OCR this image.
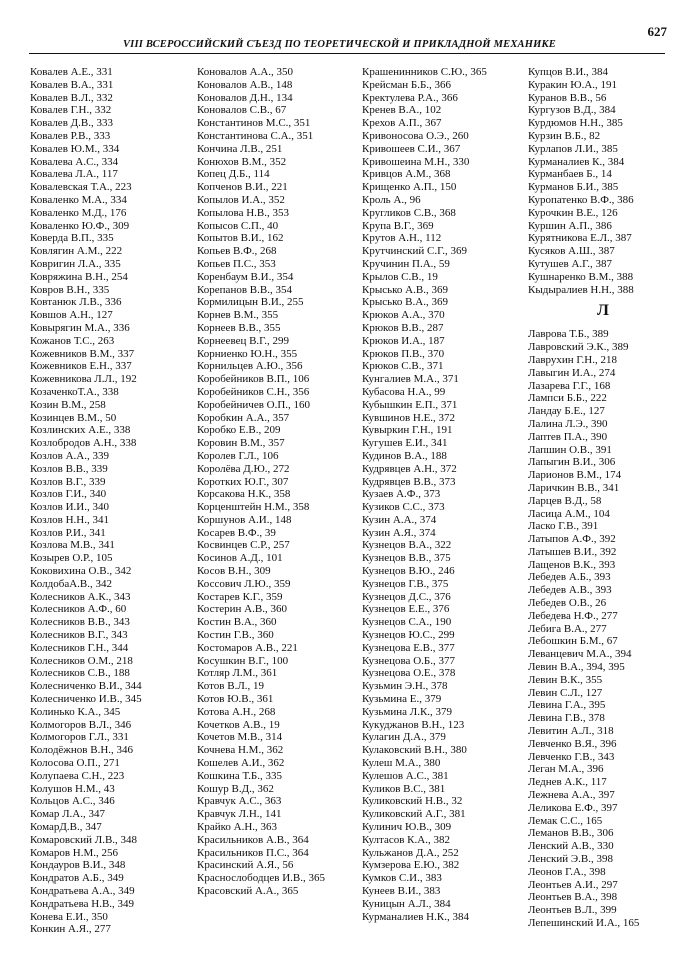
627
VIII ВСЕРОССИЙСКИЙ СЪЕЗД ПО ТЕОРЕТИЧЕСКОЙ И ПРИКЛАДНОЙ МЕХАНИКЕ
Ковалев А.Е., 331
Ковалев В.А., 331
Ковалев В.Л., 332
Ковалев Г.Н., 332
Ковалев Д.В., 333
Ковалев Р.В., 333
Ковалев Ю.М., 334
Ковалева А.С., 334
Ковалева Л.А., 117
Ковалевская Т.А., 223
Коваленко М.А., 334
Коваленко М.Д., 176
Коваленко Ю.Ф., 309
Коверда В.П., 335
Ковлягин А.М., 222
Ковригин Л.А., 335
Ковряжина В.Н., 254
Ковров В.Н., 335
Ковтанюк Л.В., 336
Ковшов А.Н., 127
Ковырягин М.А., 336
Кожанов Т.С., 263
Кожевников В.М., 337
Кожевников Е.Н., 337
Кожевникова Л.Л., 192
КозаченкоТ.А., 338
Козин В.М., 258
Козинцев В.М., 50
Козлинских А.Е., 338
Козлобродов А.Н., 338
Козлов А.А., 339
Козлов В.В., 339
Козлов В.Г., 339
Козлов Г.И., 340
Козлов И.И., 340
Козлов Н.Н., 341
Козлов Р.И., 341
Козлова М.В., 341
Козырев О.Р., 105
Коковихина О.В., 342
КолдобаА.В., 342
Колесников А.К., 343
Колесников А.Ф., 60
Колесников В.В., 343
Колесников В.Г., 343
Колесников Г.Н., 344
Колесников О.М., 218
Колесников С.В., 188
Колесниченко В.И., 344
Колесниченко И.В., 345
Колинько К.А., 345
Колмогоров В.Л., 346
Колмогоров Г.Л., 331
Колодёжнов В.Н., 346
Колосова О.П., 271
Колупаева С.Н., 223
Колушов Н.М., 43
Кольцов А.С., 346
Комар Л.А., 347
КомарД.В., 347
Комаровский Л.В., 348
Комаров Н.М., 256
Кондауров В.И., 348
Кондратов А.Б., 349
Кондратьева А.А., 349
Кондратьева Н.В., 349
Конева Е.И., 350
Конкин А.Я., 277
Коновалов А.А., 350
Коновалов А.В., 148
Коновалов Д.Н., 134
Коновалов С.В., 67
Константинов М.С., 351
Константинова С.А., 351
Кончина Л.В., 251
Конюхов В.М., 352
Копец Д.Б., 114
Копченов В.И., 221
Копылов И.А., 352
Копылова Н.В., 353
Копысов С.П., 40
Копытов В.И., 162
Копьев В.Ф., 268
Копьев П.С., 353
Коренбаум В.И., 354
Корепанов В.В., 354
Кормилицын В.И., 255
Корнев В.М., 355
Корнеев В.В., 355
Корнеевец В.Г., 299
Корниенко Ю.Н., 355
Корнильцев А.Ю., 356
Коробейников В.П., 106
Коробейников С.Н., 356
Коробейничев О.П., 160
Коробкин А.А., 357
Коробко Е.В., 209
Коровин В.М., 357
Королев Г.Л., 106
Королёва Д.Ю., 272
Коротких Ю.Г., 307
Корсакова Н.К., 358
Корценштейн Н.М., 358
Коршунов А.И., 148
Косарев В.Ф., 39
Косвинцев С.Р., 257
Косинов А.Д., 101
Косов В.Н., 309
Коссович Л.Ю., 359
Костарев К.Г., 359
Костерин А.В., 360
Костин В.А., 360
Костин Г.В., 360
Костомаров А.В., 221
Косушкин В.Г., 100
Котляр Л.М., 361
Котов В.Л., 19
Котов Ю.В., 361
Котова А.Н., 268
Кочетков А.В., 19
Кочетов М.В., 314
Кочнева Н.М., 362
Кошелев А.И., 362
Кошкина Т.Б., 335
Кошур В.Д., 362
Кравчук А.С., 363
Кравчук Л.Н., 141
Крайко А.Н., 363
Красильников А.В., 364
Красильников П.С., 364
Красинский А.Я., 56
Краснослободцев И.В., 365
Красовский А.А., 365
Крашенинников С.Ю., 365
Крейсман Б.Б., 366
Кректулева Р.А., 366
Кренев В.А., 102
Крехов А.П., 367
Кривоносова О.Э., 260
Кривошеев С.И., 367
Кривошеина М.Н., 330
Кривцов А.М., 368
Крищенко А.П., 150
Кроль А., 96
Кругликов С.В., 368
Крупа В.Г., 369
Крутов А.Н., 112
Крутчинский С.Г., 369
Кручинин П.А., 59
Крылов С.В., 19
Крысько А.В., 369
Крысько В.А., 369
Крюков А.А., 370
Крюков В.В., 287
Крюков И.А., 187
Крюков П.В., 370
Крюков С.В., 371
Кунгалиев М.А., 371
Кубасова Н.А., 99
Кубышкин Е.П., 371
Кувшинов Н.Е., 372
Кувыркин Г.Н., 191
Кугушев Е.И., 341
Кудинов В.А., 188
Кудрявцев А.Н., 372
Кудрявцев В.В., 373
Кузаев А.Ф., 373
Кузиков С.С., 373
Кузин А.А., 374
Кузин А.Я., 374
Кузнецов В.А., 322
Кузнецов В.В., 375
Кузнецов В.Ю., 246
Кузнецов Г.В., 375
Кузнецов Д.С., 376
Кузнецов Е.Е., 376
Кузнецов С.А., 190
Кузнецов Ю.С., 299
Кузнецова Е.В., 377
Кузнецова О.Б., 377
Кузнецова О.Е., 378
Кузьмин Э.Н., 378
Кузьмина Е., 379
Кузьмина Л.К., 379
Кукуджанов В.Н., 123
Кулагин Д.А., 379
Кулаковский В.Н., 380
Кулеш М.А., 380
Кулешов А.С., 381
Куликов В.С., 381
Куликовский Н.В., 32
Куликовский А.Г., 381
Кулинич Ю.В., 309
Култасов К.А., 382
Кульжанов Д.А., 252
Кумзерова Е.Ю., 382
Кумков С.И., 383
Кунеев В.И., 383
Куницын А.Л., 384
Курманалиев Н.К., 384
Купцов В.И., 384
Куракин Ю.А., 191
Куранов В.В., 56
Кургузов В.Д., 384
Курдюмов Н.Н., 385
Курзин В.Б., 82
Курлапов Л.И., 385
Курманалиев К., 384
Курманбаев Б., 14
Курманов Б.И., 385
Куропатенко В.Ф., 386
Курочкин В.Е., 126
Куршин А.П., 386
Курятникова Е.Л., 387
Кусяков А.Ш., 387
Кутушев А.Г., 387
Кушнаренко В.М., 388
Кыдыралиев Н.Н., 388
Л
Лаврова Т.Б., 389
Лавровский Э.К., 389
Лаврухин Г.Н., 218
Лавыгин И.А., 274
Лазарева Г.Г., 168
Лампси Б.Б., 222
Ландау Б.Е., 127
Лалина Л.Э., 390
Лаптев П.А., 390
Лапшин О.В., 391
Лапыгин В.И., 306
Ларионов В.М., 174
Ларичкин В.В., 341
Ларцев В.Д., 58
Ласица А.М., 104
Ласко Г.В., 391
Латыпов А.Ф., 392
Латышев В.И., 392
Лащенов В.К., 393
Лебедев А.Б., 393
Лебедев А.В., 393
Лебедев О.В., 26
Лебедева Н.Ф., 277
Лебига В.А., 277
Лебошкин Б.М., 67
Леванцевич М.А., 394
Левин В.А., 394, 395
Левин В.К., 355
Левин С.Л., 127
Левина Г.А., 395
Левина Г.В., 378
Левитин А.Л., 318
Левченко В.Я., 396
Левченко Г.В., 343
Леган М.А., 396
Леднев А.К., 117
Лежнева А.А., 397
Леликова Е.Ф., 397
Лемак С.С., 165
Леманов В.В., 306
Ленский А.В., 330
Ленский Э.В., 398
Леонов Г.А., 398
Леонтьев А.И., 297
Леонтьев В.А., 398
Леонтьев В.Л., 399
Лепешинский И.А., 165
